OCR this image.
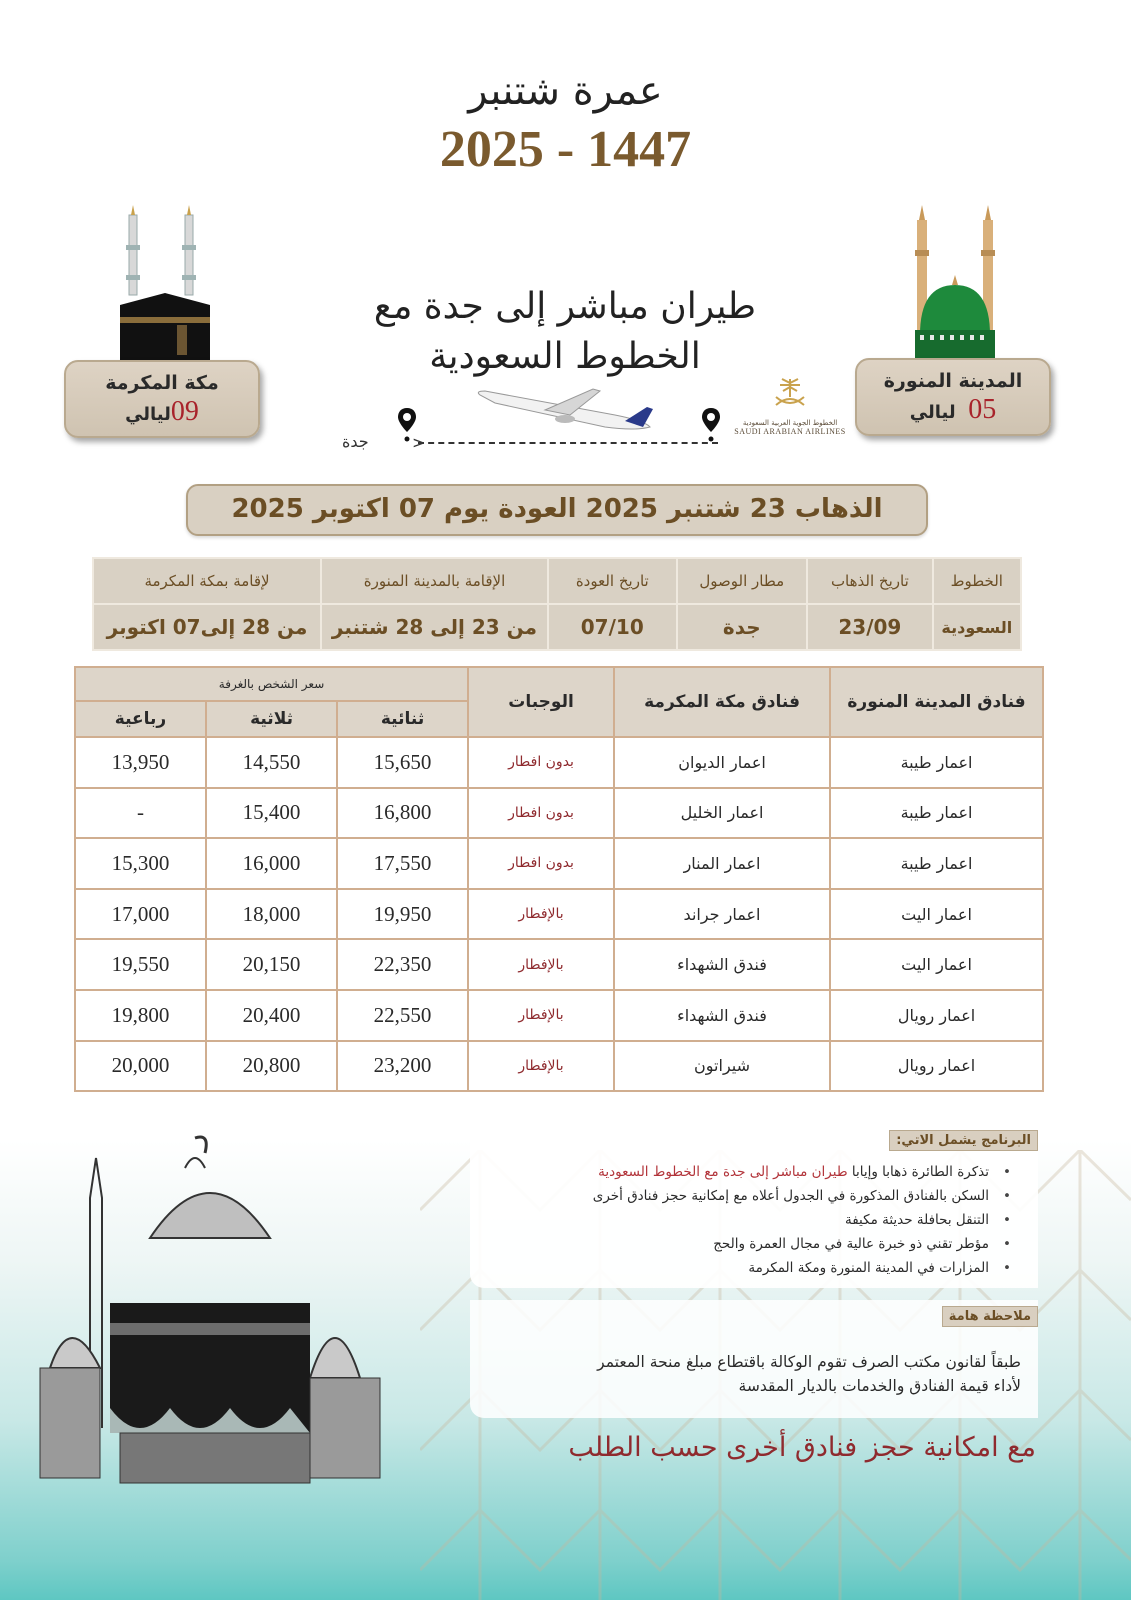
عمرة شتنبر
2025 - 1447
مكة المكرمة
09ليالي
المدينة المنورة
05  ليالي
طيران مباشر إلى جدة مع
الخطوط السعودية
جدة	<
الخطوط الجوية العربية السعودية
SAUDI ARABIAN AIRLINES
الذهاب 23 شتنبر 2025 العودة يوم 07 اكتوبر 2025
الخطوط	تاريخ الذهاب	مطار الوصول	تاريخ العودة	الإقامة بالمدينة المنورة	لإقامة بمكة المكرمة
السعودية	23/09	جدة	07/10	من 23 إلى 28 شتنبر	من 28 إلى07 اكتوبر
فنادق المدينة المنورة	فنادق مكة المكرمة	الوجبات	سعر الشخص بالغرفة		
			ثنائية	ثلاثية	رباعية
اعمار طيبة	اعمار الديوان	بدون افطار	15,650	14,550	13,950
اعمار طيبة	اعمار الخليل	بدون افطار	16,800	15,400	-
اعمار طيبة	اعمار المنار	بدون افطار	17,550	16,000	15,300
اعمار اليت	اعمار جراند	بالإفطار	19,950	18,000	17,000
اعمار اليت	فندق الشهداء	بالإفطار	22,350	20,150	19,550
اعمار رويال	فندق الشهداء	بالإفطار	22,550	20,400	19,800
اعمار رويال	شيراتون	بالإفطار	23,200	20,800	20,000
البرنامج يشمل الاتي:
• تذكرة الطائرة ذهابا وإيابا طيران مباشر إلى جدة مع الخطوط السعودية
• السكن بالفنادق المذكورة في الجدول أعلاه مع إمكانية حجز فنادق أخرى
• التنقل بحافلة حديثة مكيفة
• مؤطر تقني ذو خبرة عالية في مجال العمرة والحج
• المزارات في المدينة المنورة ومكة المكرمة
ملاحظة هامة
طبقاً لقانون مكتب الصرف تقوم الوكالة باقتطاع مبلغ منحة المعتمر
لأداء قيمة الفنادق والخدمات بالديار المقدسة
مع امكانية حجز فنادق أخرى حسب الطلب
